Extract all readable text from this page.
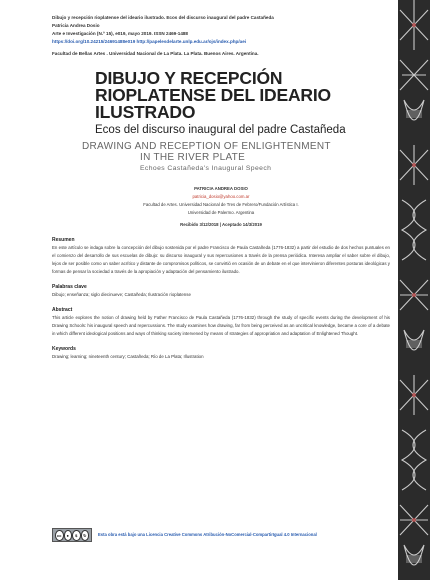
Dibujo y recepción rioplatense del ideario ilustrado. Ecos del discurso inaugural del padre Castañeda
Patricia Andrea Dosio
Arte e Investigación (N.º 15), e019, mayo 2019. ISSN 2469-1488
https://doi.org/10.24215/24691488e019 http://papelesdelarte.unlp.edu.ar/ojs/index.php/aei
Facultad de Bellas Artes . Universidad Nacional de La Plata. La Plata. Buenos Aires. Argentina.
DIBUJO Y RECEPCIÓN
RIOPLATENSE DEL IDEARIO
ILUSTRADO
Ecos del discurso inaugural del padre Castañeda
DRAWING AND RECEPTION OF ENLIGHTENMENT
IN THE RIVER PLATE
Echoes Castañeda's Inaugural Speech
PATRICIA ANDREA DOSIO
patricia_dosio@yahoo.com.ar
Facultad de Artes. Universidad Nacional de Tres de Febrero/Fundación Artística I.
Universidad de Palermo. Argentina
Recibido 3/12/2018 | Aceptado 14/3/2019
Resumen
En este artículo se indaga sobre la concepción del dibujo sostenida por el padre Francisco de Paula Castañeda (1776-1832) a partir del estudio de dos hechos puntuales en el comienzo del desarrollo de sus escuelas de dibujo: su discurso inaugural y sus repercusiones a través de la prensa periódica. Interesa ampliar el saber sobre el dibujo, lejos de ser posible como un saber acrítico y distante de compromisos políticos, se convirtió en ocasión de un debate en el que intervinieron diferentes posturas ideológicas y formas de pensar la sociedad a través de la apropiación y adaptación del pensamiento ilustrado.
Palabras clave
Dibujo; enseñanza; siglo diecinueve; Castañeda; Ilustración rioplatense
Abstract
This article explores the notion of drawing held by Father Francisco de Paula Castañeda (1776-1832) through the study of specific events during the development of his Drawing Schools: his inaugural speech and repercussions. The study examines how drawing, far from being perceived as an uncritical knowledge, became a core of a debate in which different ideological positions and ways of thinking society intervened by means of strategies of appropriation and adaptation of Enlightened Thought.
Keywords
Drawing; learning; nineteenth century; Castañeda; Río de La Plata; Illustration
cc	●	$	↻	Esta obra está bajo una Licencia Creative Commons Atribución-NoComercial-CompartirIgual 4.0 Internacional
